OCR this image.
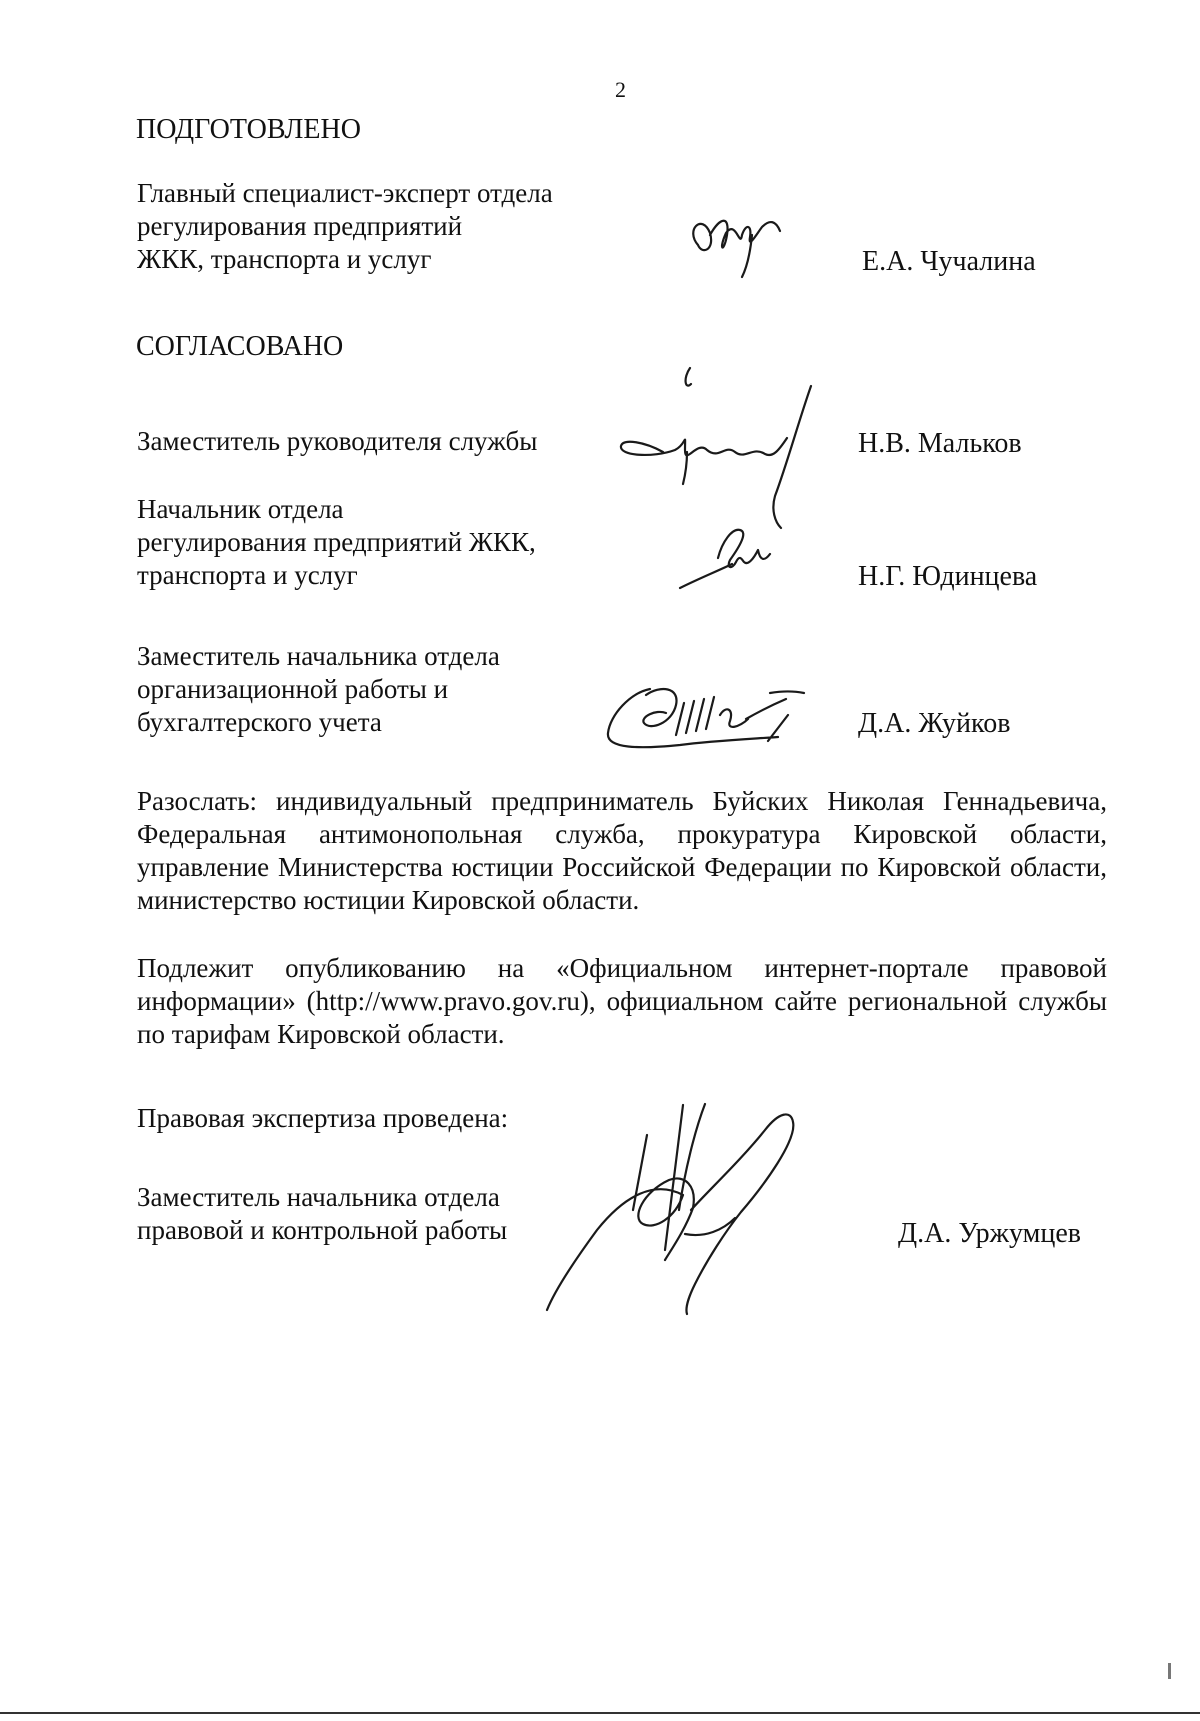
2
ПОДГОТОВЛЕНО
Главный специалист-эксперт отдела
регулирования предприятий
ЖКК, транспорта и услуг	Е.А. Чучалина
СОГЛАСОВАНО
Заместитель руководителя службы	Н.В. Мальков
Начальник отдела
регулирования предприятий ЖКК,
транспорта и услуг	Н.Г. Юдинцева
Заместитель начальника отдела
организационной работы и
бухгалтерского учета	Д.А. Жуйков
Разослать: индивидуальный предприниматель Буйских Николая Геннадьевича, Федеральная антимонопольная служба, прокуратура Кировской области, управление Министерства юстиции Российской Федерации по Кировской области, министерство юстиции Кировской области.
Подлежит опубликованию на «Официальном интернет-портале правовой информации» (http://www.pravo.gov.ru), официальном сайте региональной службы по тарифам Кировской области.
Правовая экспертиза проведена:
Заместитель начальника отдела
правовой и контрольной работы	Д.А. Уржумцев
